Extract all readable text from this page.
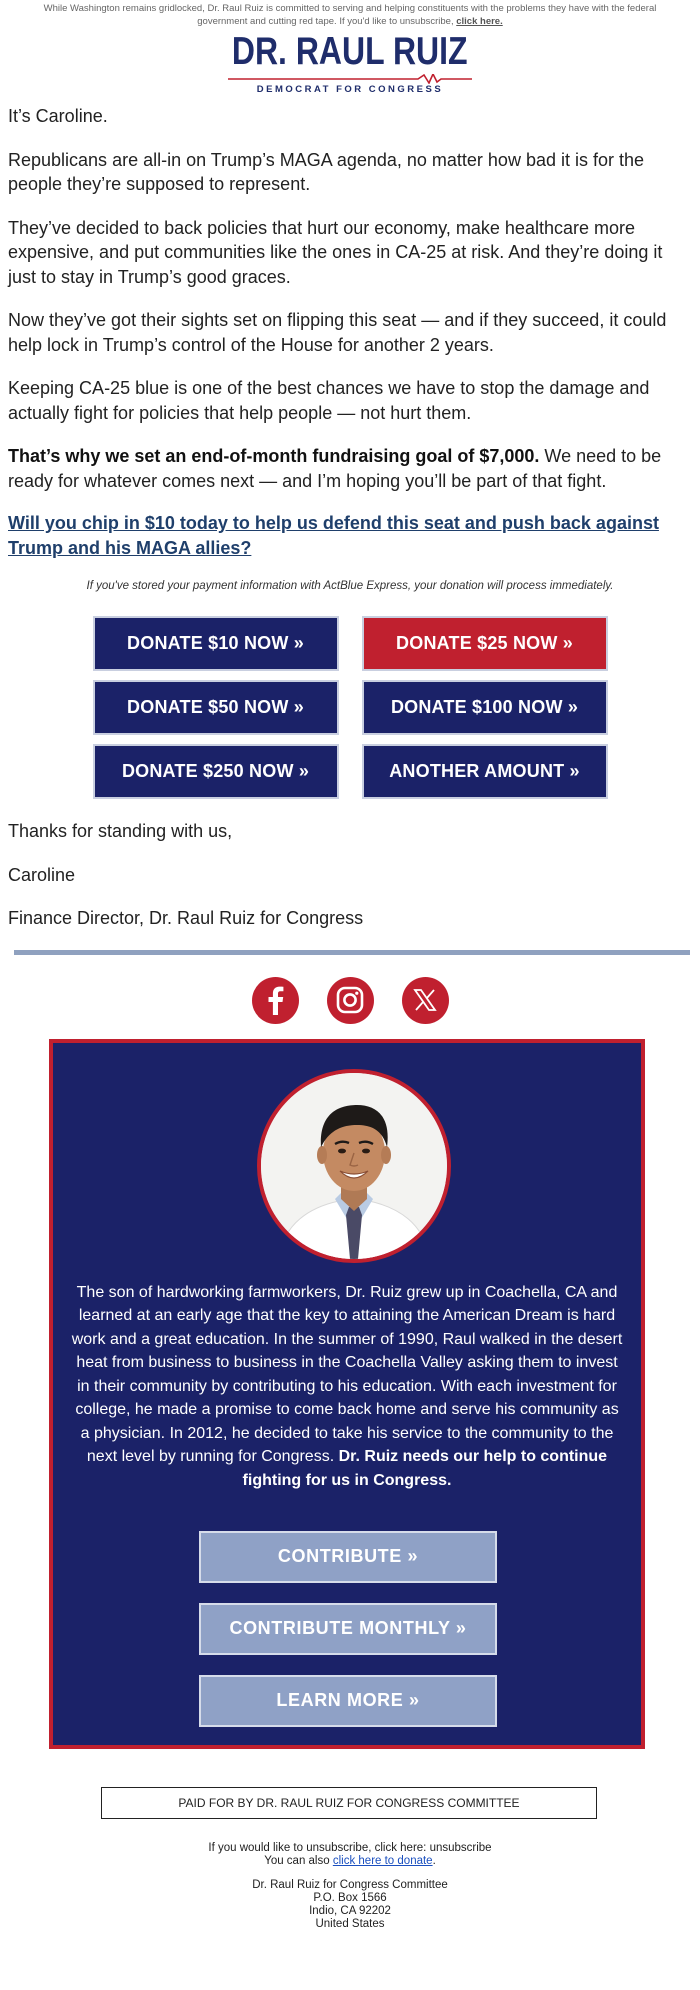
While Washington remains gridlocked, Dr. Raul Ruiz is committed to serving and helping constituents with the problems they have with the federal government and cutting red tape. If you'd like to unsubscribe, click here.
DR. RAUL RUIZ
DEMOCRAT FOR CONGRESS

It’s Caroline.

Republicans are all-in on Trump’s MAGA agenda, no matter how bad it is for the people they’re supposed to represent.

They’ve decided to back policies that hurt our economy, make healthcare more expensive, and put communities like the ones in CA-25 at risk. And they’re doing it just to stay in Trump’s good graces.

Now they’ve got their sights set on flipping this seat — and if they succeed, it could help lock in Trump’s control of the House for another 2 years.

Keeping CA-25 blue is one of the best chances we have to stop the damage and actually fight for policies that help people — not hurt them.

That’s why we set an end-of-month fundraising goal of $7,000. We need to be ready for whatever comes next — and I’m hoping you’ll be part of that fight.

Will you chip in $10 today to help us defend this seat and push back against Trump and his MAGA allies?
If you've stored your payment information with ActBlue Express, your donation will process immediately.
DONATE $10 NOW »	DONATE $25 NOW »
DONATE $50 NOW »	DONATE $100 NOW »
DONATE $250 NOW »	ANOTHER AMOUNT »

Thanks for standing with us,

Caroline

Finance Director, Dr. Raul Ruiz for Congress

The son of hardworking farmworkers, Dr. Ruiz grew up in Coachella, CA and learned at an early age that the key to attaining the American Dream is hard work and a great education. In the summer of 1990, Raul walked in the desert heat from business to business in the Coachella Valley asking them to invest in their community by contributing to his education. With each investment for college, he made a promise to come back home and serve his community as a physician. In 2012, he decided to take his service to the community to the next level by running for Congress. Dr. Ruiz needs our help to continue fighting for us in Congress.
CONTRIBUTE »
CONTRIBUTE MONTHLY »
LEARN MORE »
PAID FOR BY DR. RAUL RUIZ FOR CONGRESS COMMITTEE
If you would like to unsubscribe, click here: unsubscribe
You can also click here to donate.
Dr. Raul Ruiz for Congress Committee
P.O. Box 1566
Indio, CA 92202
United States
